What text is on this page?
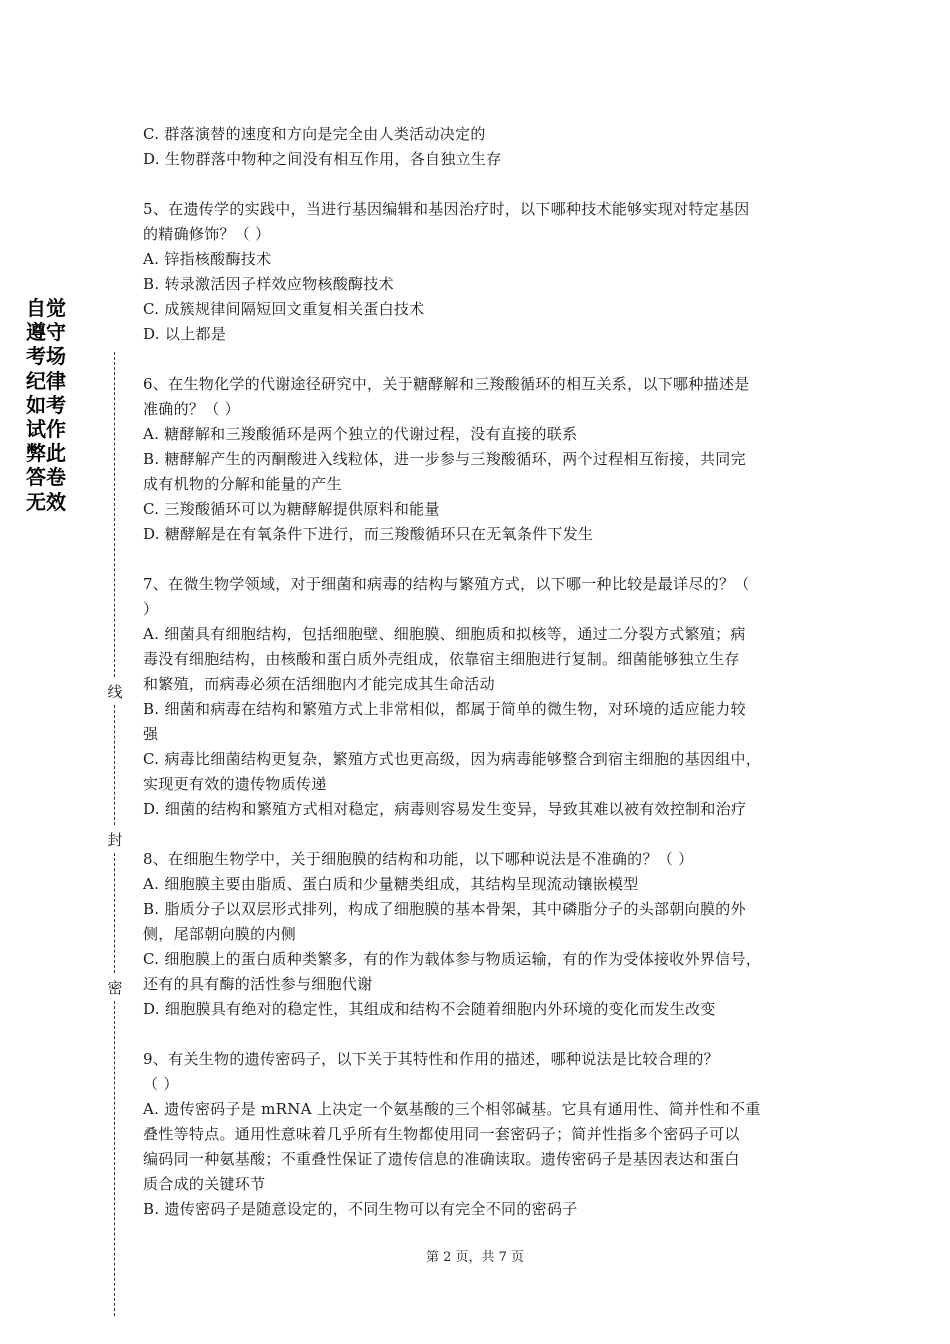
自觉遵守考场纪律如考试作弊此答卷无效
线
封
密
C. 群落演替的速度和方向是完全由人类活动决定的
D. 生物群落中物种之间没有相互作用，各自独立生存
5、在遗传学的实践中，当进行基因编辑和基因治疗时，以下哪种技术能够实现对特定基因
的精确修饰？（ ）
A. 锌指核酸酶技术
B. 转录激活因子样效应物核酸酶技术
C. 成簇规律间隔短回文重复相关蛋白技术
D. 以上都是
6、在生物化学的代谢途径研究中，关于糖酵解和三羧酸循环的相互关系，以下哪种描述是
准确的？（ ）
A. 糖酵解和三羧酸循环是两个独立的代谢过程，没有直接的联系
B. 糖酵解产生的丙酮酸进入线粒体，进一步参与三羧酸循环，两个过程相互衔接，共同完
成有机物的分解和能量的产生
C. 三羧酸循环可以为糖酵解提供原料和能量
D. 糖酵解是在有氧条件下进行，而三羧酸循环只在无氧条件下发生
7、在微生物学领域，对于细菌和病毒的结构与繁殖方式，以下哪一种比较是最详尽的？（
）
A. 细菌具有细胞结构，包括细胞壁、细胞膜、细胞质和拟核等，通过二分裂方式繁殖；病
毒没有细胞结构，由核酸和蛋白质外壳组成，依靠宿主细胞进行复制。细菌能够独立生存
和繁殖，而病毒必须在活细胞内才能完成其生命活动
B. 细菌和病毒在结构和繁殖方式上非常相似，都属于简单的微生物，对环境的适应能力较
强
C. 病毒比细菌结构更复杂，繁殖方式也更高级，因为病毒能够整合到宿主细胞的基因组中，
实现更有效的遗传物质传递
D. 细菌的结构和繁殖方式相对稳定，病毒则容易发生变异，导致其难以被有效控制和治疗
8、在细胞生物学中，关于细胞膜的结构和功能，以下哪种说法是不准确的？（ ）
A. 细胞膜主要由脂质、蛋白质和少量糖类组成，其结构呈现流动镶嵌模型
B. 脂质分子以双层形式排列，构成了细胞膜的基本骨架，其中磷脂分子的头部朝向膜的外
侧，尾部朝向膜的内侧
C. 细胞膜上的蛋白质种类繁多，有的作为载体参与物质运输，有的作为受体接收外界信号，
还有的具有酶的活性参与细胞代谢
D. 细胞膜具有绝对的稳定性，其组成和结构不会随着细胞内外环境的变化而发生改变
9、有关生物的遗传密码子，以下关于其特性和作用的描述，哪种说法是比较合理的？
（ ）
A. 遗传密码子是 mRNA 上决定一个氨基酸的三个相邻碱基。它具有通用性、简并性和不重
叠性等特点。通用性意味着几乎所有生物都使用同一套密码子；简并性指多个密码子可以
编码同一种氨基酸；不重叠性保证了遗传信息的准确读取。遗传密码子是基因表达和蛋白
质合成的关键环节
B. 遗传密码子是随意设定的，不同生物可以有完全不同的密码子
第 2 页，共 7 页
